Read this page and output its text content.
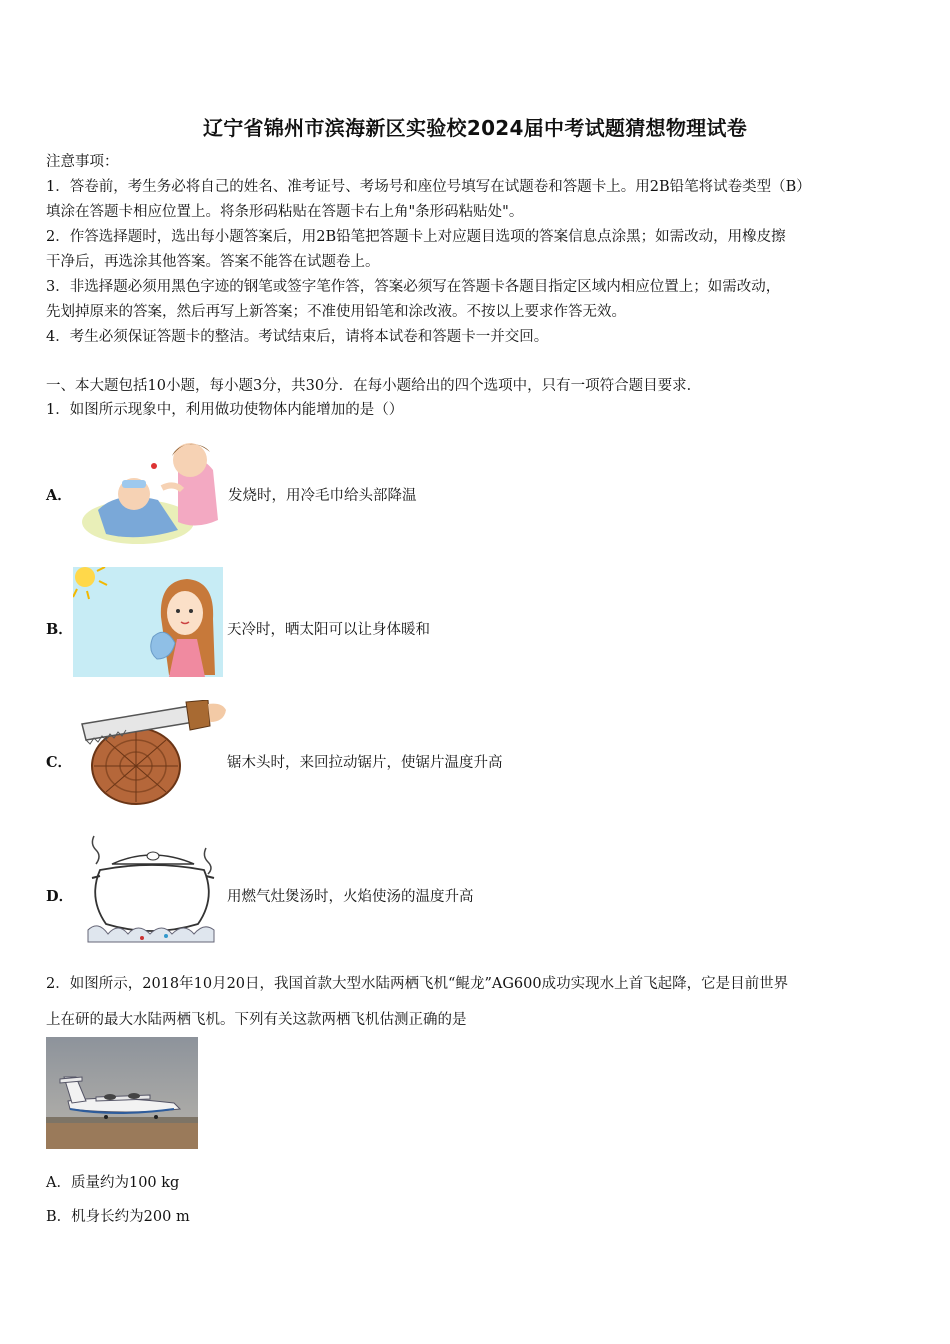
辽宁省锦州市滨海新区实验校2024届中考试题猜想物理试卷
注意事项：
1．答卷前，考生务必将自己的姓名、准考证号、考场号和座位号填写在试题卷和答题卡上。用2B铅笔将试卷类型（B）
填涂在答题卡相应位置上。将条形码粘贴在答题卡右上角"条形码粘贴处"。
2．作答选择题时，选出每小题答案后，用2B铅笔把答题卡上对应题目选项的答案信息点涂黑；如需改动，用橡皮擦
干净后，再选涂其他答案。答案不能答在试题卷上。
3．非选择题必须用黑色字迹的钢笔或签字笔作答，答案必须写在答题卡各题目指定区域内相应位置上；如需改动，
先划掉原来的答案，然后再写上新答案；不准使用铅笔和涂改液。不按以上要求作答无效。
4．考生必须保证答题卡的整洁。考试结束后，请将本试卷和答题卡一并交回。
一、本大题包括10小题，每小题3分，共30分．在每小题给出的四个选项中，只有一项符合题目要求．
1．如图所示现象中，利用做功使物体内能增加的是（）
A．	发烧时，用冷毛巾给头部降温
B．	天冷时，晒太阳可以让身体暖和
C．	锯木头时，来回拉动锯片，使锯片温度升高
D．	用燃气灶煲汤时，火焰使汤的温度升高
2．如图所示，2018年10月20日，我国首款大型水陆两栖飞机“鲲龙”AG600成功实现水上首飞起降，它是目前世界
上在研的最大水陆两栖飞机。下列有关这款两栖飞机估测正确的是
A．质量约为100 kg
B．机身长约为200 m
